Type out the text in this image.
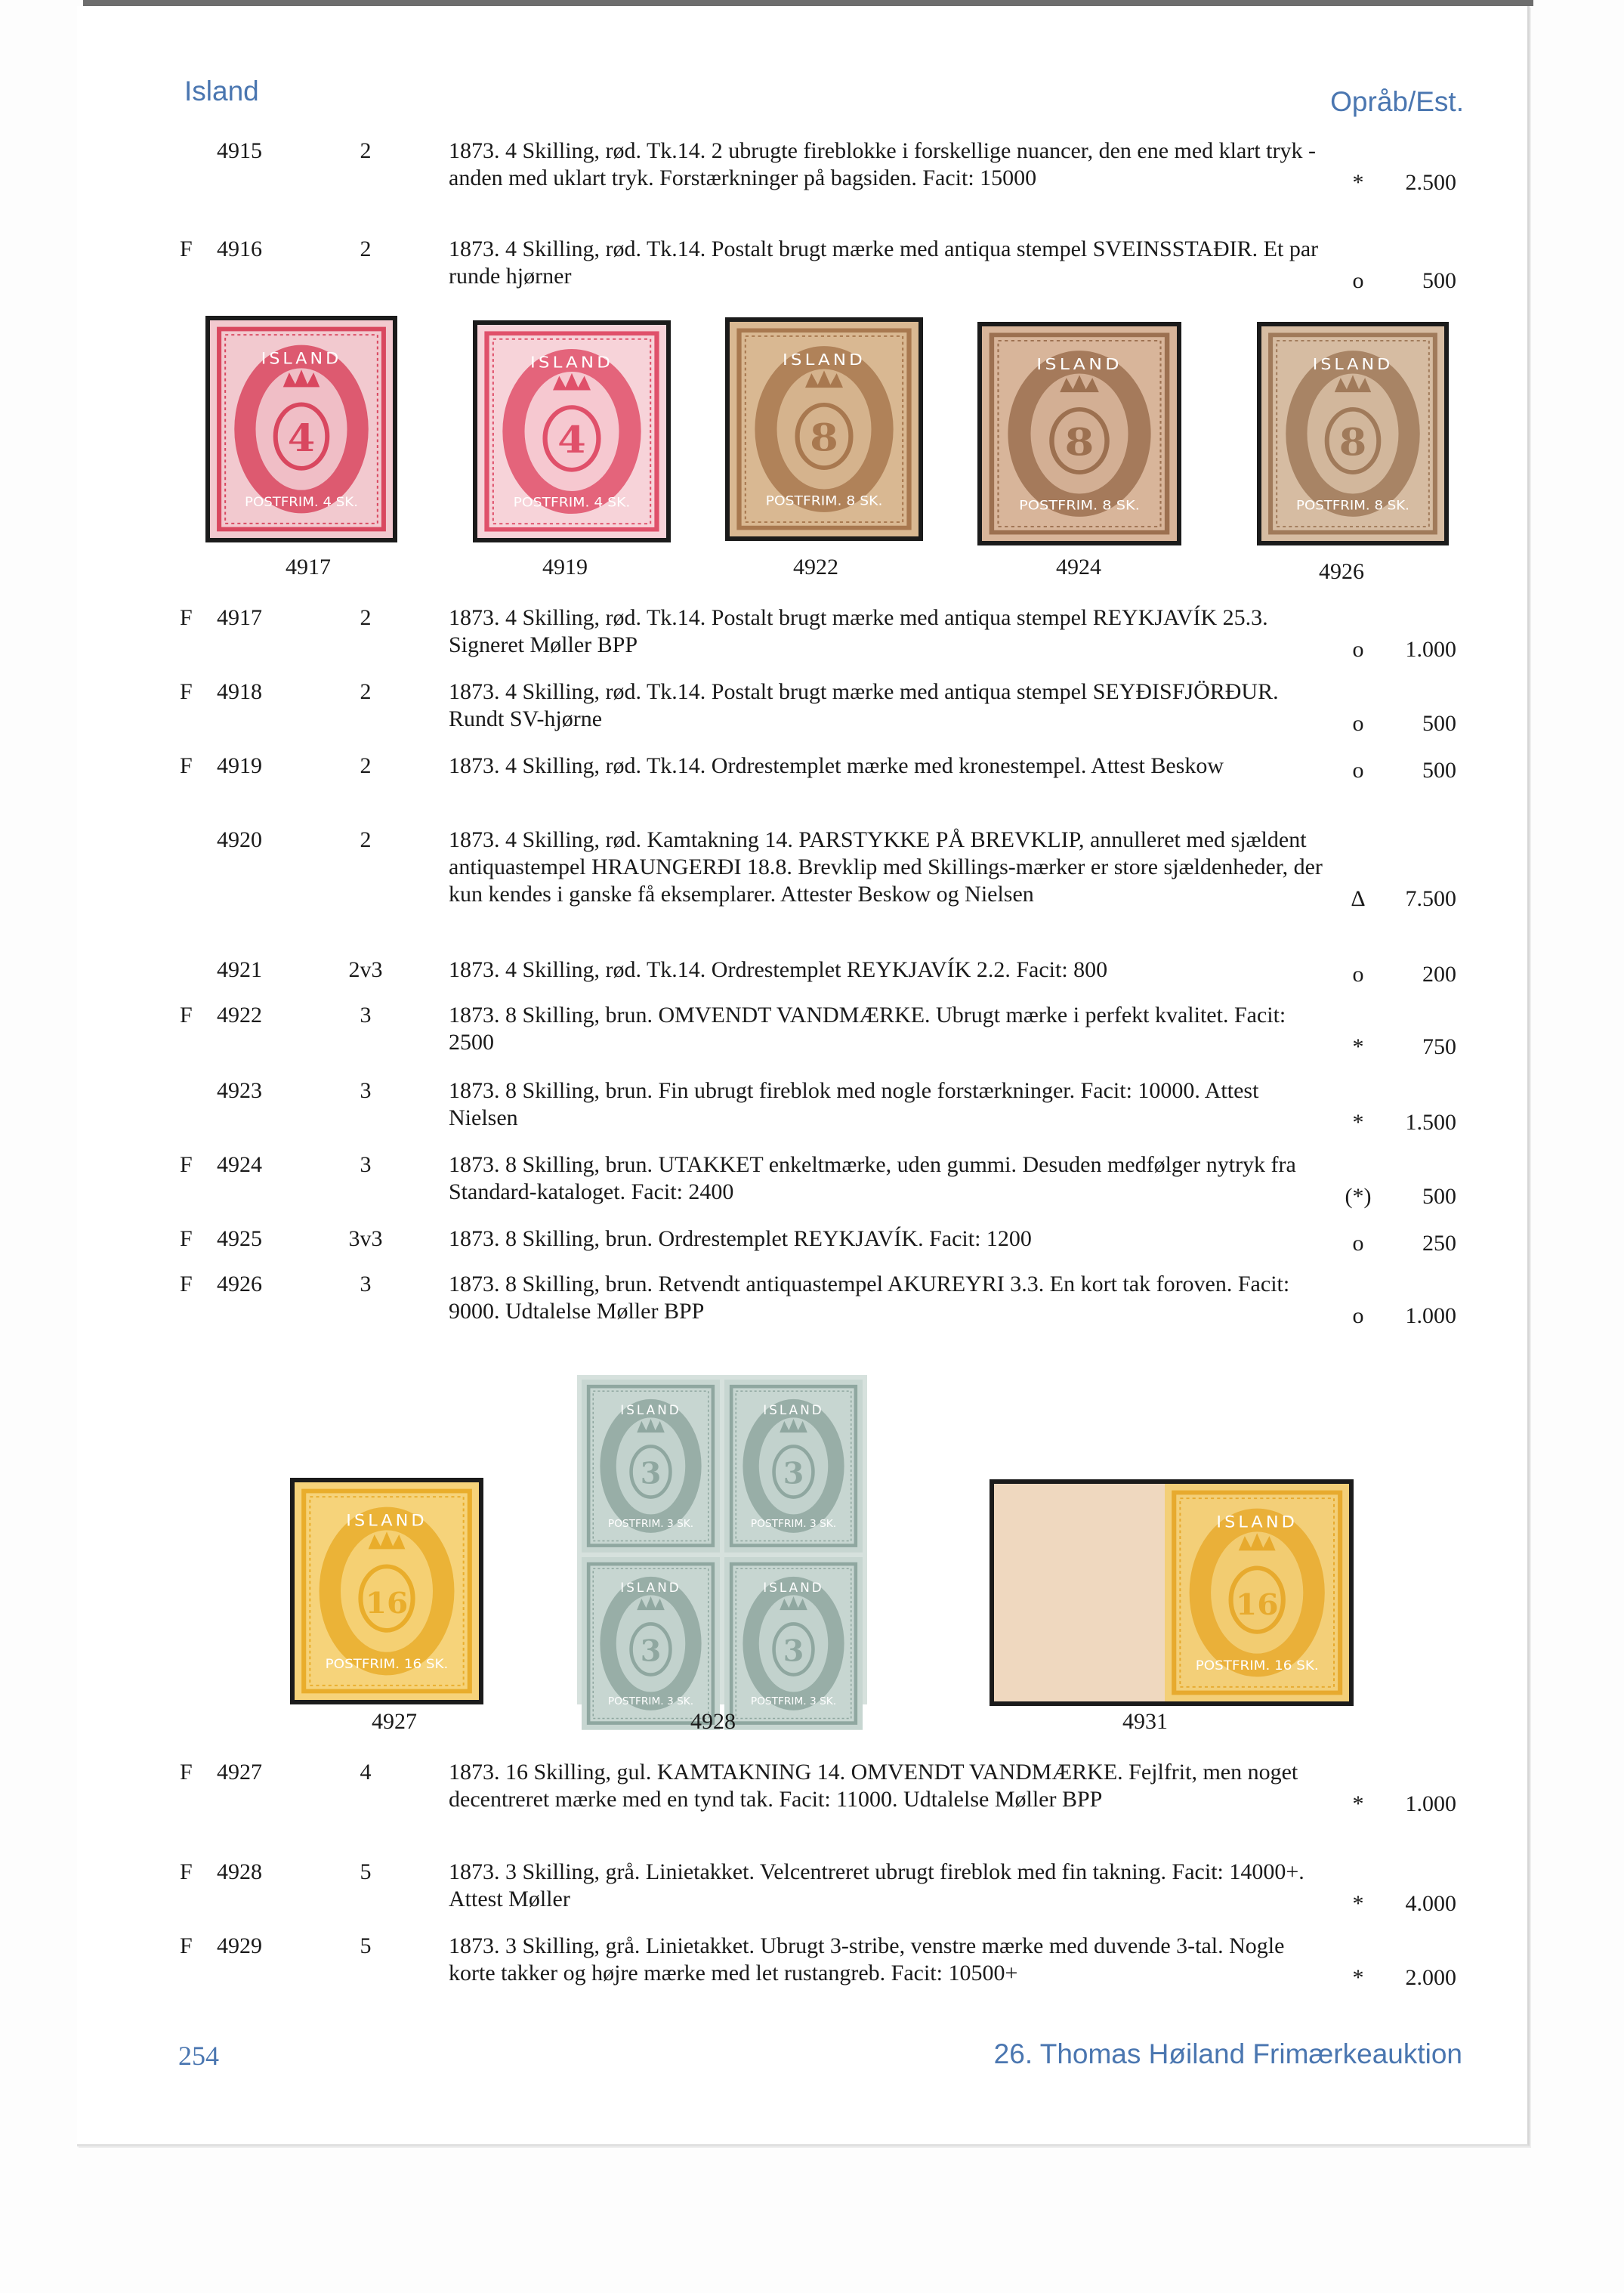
Island	Opråb/Est.
4915	2	1873. 4 Skilling, rød. Tk.14. 2 ubrugte fireblokke i forskellige nuancer, den ene med klart tryk - anden med uklart tryk. Forstærkninger på bagsiden. Facit: 15000	*	2.500
F 4916	2	1873. 4 Skilling, rød. Tk.14. Postalt brugt mærke med antiqua stempel SVEINSSTAÐIR. Et par runde hjørner	o	500
4
ISLAND
POSTFRIM. 4 SK.
4917
4
ISLAND
POSTFRIM. 4 SK.
4919
8
ISLAND
POSTFRIM. 8 SK.
4922
8
ISLAND
POSTFRIM. 8 SK.
4924
8
ISLAND
POSTFRIM. 8 SK.
4926
F 4917	2	1873. 4 Skilling, rød. Tk.14. Postalt brugt mærke med antiqua stempel REYKJAVÍK 25.3. Signeret Møller BPP	o	1.000
F 4918	2	1873. 4 Skilling, rød. Tk.14. Postalt brugt mærke med antiqua stempel SEYÐISFJÖRÐUR. Rundt SV-hjørne	o	500
F 4919	2	1873. 4 Skilling, rød. Tk.14. Ordrestemplet mærke med kronestempel. Attest Beskow	o	500
4920	2	1873. 4 Skilling, rød. Kamtakning 14. PARSTYKKE PÅ BREVKLIP, annulleret med sjældent antiquastempel HRAUNGERÐI 18.8. Brevklip med Skillings-mærker er store sjældenheder, der kun kendes i ganske få eksemplarer. Attester Beskow og Nielsen	Δ	7.500
4921	2v3	1873. 4 Skilling, rød. Tk.14. Ordrestemplet REYKJAVÍK 2.2. Facit: 800	o	200
F 4922	3	1873. 8 Skilling, brun. OMVENDT VANDMÆRKE. Ubrugt mærke i perfekt kvalitet. Facit: 2500	*	750
4923	3	1873. 8 Skilling, brun. Fin ubrugt fireblok med nogle forstærkninger. Facit: 10000. Attest Nielsen	*	1.500
F 4924	3	1873. 8 Skilling, brun. UTAKKET enkeltmærke, uden gummi. Desuden medfølger nytryk fra Standard-kataloget. Facit: 2400	(*)	500
F 4925	3v3	1873. 8 Skilling, brun. Ordrestemplet REYKJAVÍK. Facit: 1200	o	250
F 4926	3	1873. 8 Skilling, brun. Retvendt antiquastempel AKUREYRI 3.3. En kort tak foroven. Facit: 9000. Udtalelse Møller BPP	o	1.000
16
ISLAND
POSTFRIM. 16 SK.
4927
3
ISLAND
POSTFRIM. 3 SK.
3
ISLAND
POSTFRIM. 3 SK.
3
ISLAND
POSTFRIM. 3 SK.
3
ISLAND
POSTFRIM. 3 SK.
4928
16
ISLAND
POSTFRIM. 16 SK.
4931
F 4927	4	1873. 16 Skilling, gul. KAMTAKNING 14. OMVENDT VANDMÆRKE. Fejlfrit, men noget decentreret mærke med en tynd tak. Facit: 11000. Udtalelse Møller BPP	*	1.000
F 4928	5	1873. 3 Skilling, grå. Linietakket. Velcentreret ubrugt fireblok med fin takning. Facit: 14000+. Attest Møller	*	4.000
F 4929	5	1873. 3 Skilling, grå. Linietakket. Ubrugt 3-stribe, venstre mærke med duvende 3-tal. Nogle korte takker og højre mærke med let rustangreb. Facit: 10500+	*	2.000
254	26. Thomas Høiland Frimærkeauktion
